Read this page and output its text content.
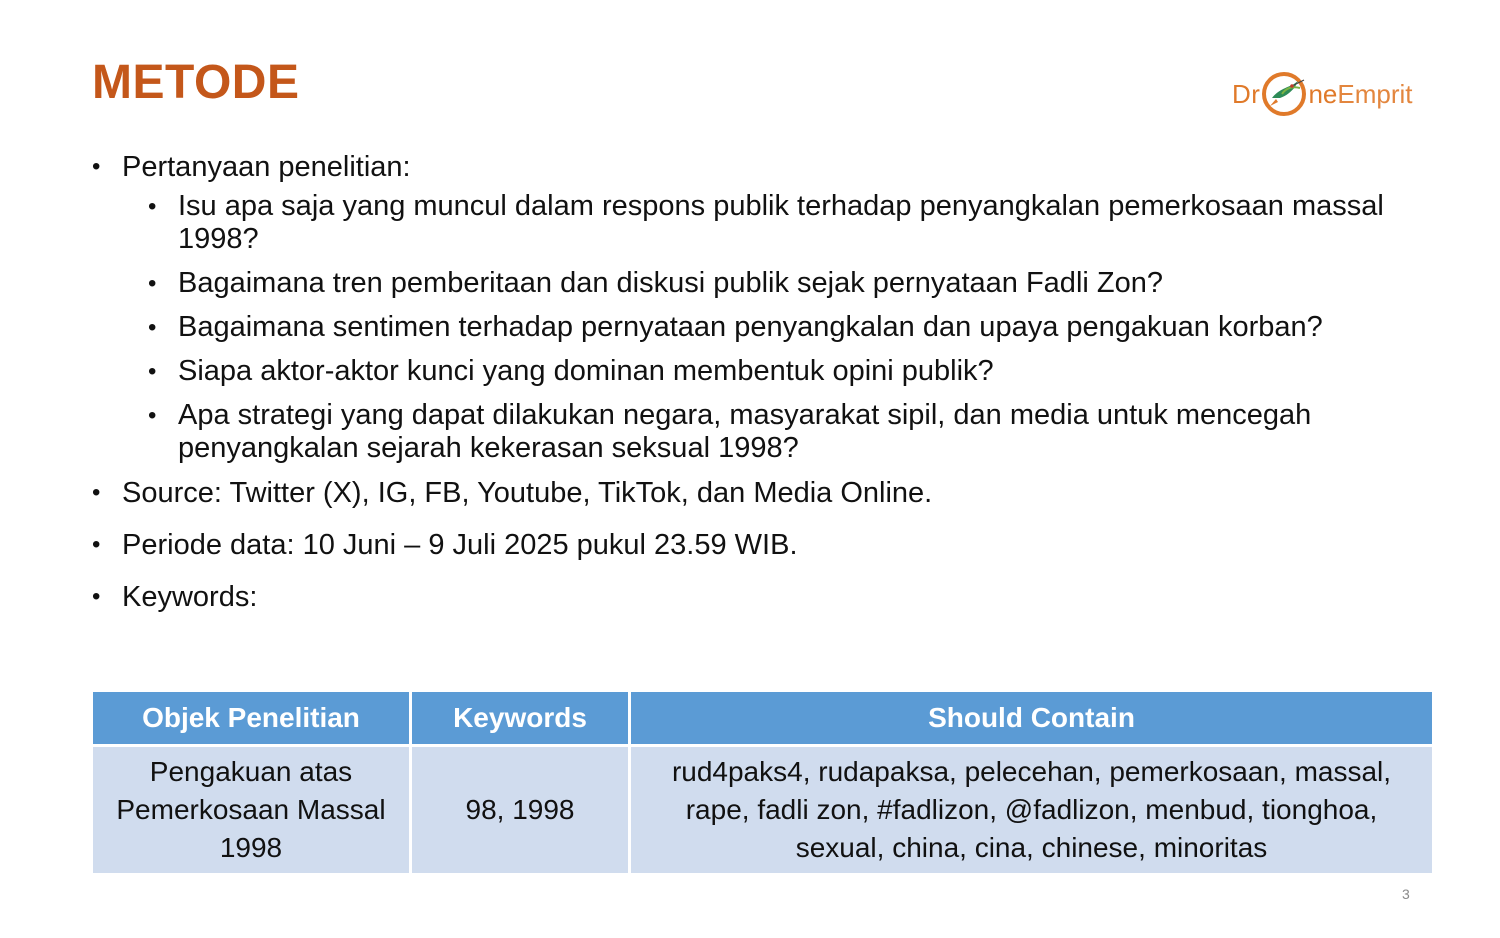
METODE	Dr ne Emprit
• Pertanyaan penelitian:
• Isu apa saja yang muncul dalam respons publik terhadap penyangkalan pemerkosaan massal 1998?
• Bagaimana tren pemberitaan dan diskusi publik sejak pernyataan Fadli Zon?
• Bagaimana sentimen terhadap pernyataan penyangkalan dan upaya pengakuan korban?
• Siapa aktor-aktor kunci yang dominan membentuk opini publik?
• Apa strategi yang dapat dilakukan negara, masyarakat sipil, dan media untuk mencegah penyangkalan sejarah kekerasan seksual 1998?
• Source: Twitter (X), IG, FB, Youtube, TikTok, dan Media Online.
• Periode data: 10 Juni – 9 Juli 2025 pukul 23.59 WIB.
• Keywords:
Objek Penelitian	Keywords	Should Contain
Pengakuan atas Pemerkosaan Massal 1998	98, 1998	rud4paks4, rudapaksa, pelecehan, pemerkosaan, massal, rape, fadli zon, #fadlizon, @fadlizon, menbud, tionghoa, sexual, china, cina, chinese, minoritas
3
